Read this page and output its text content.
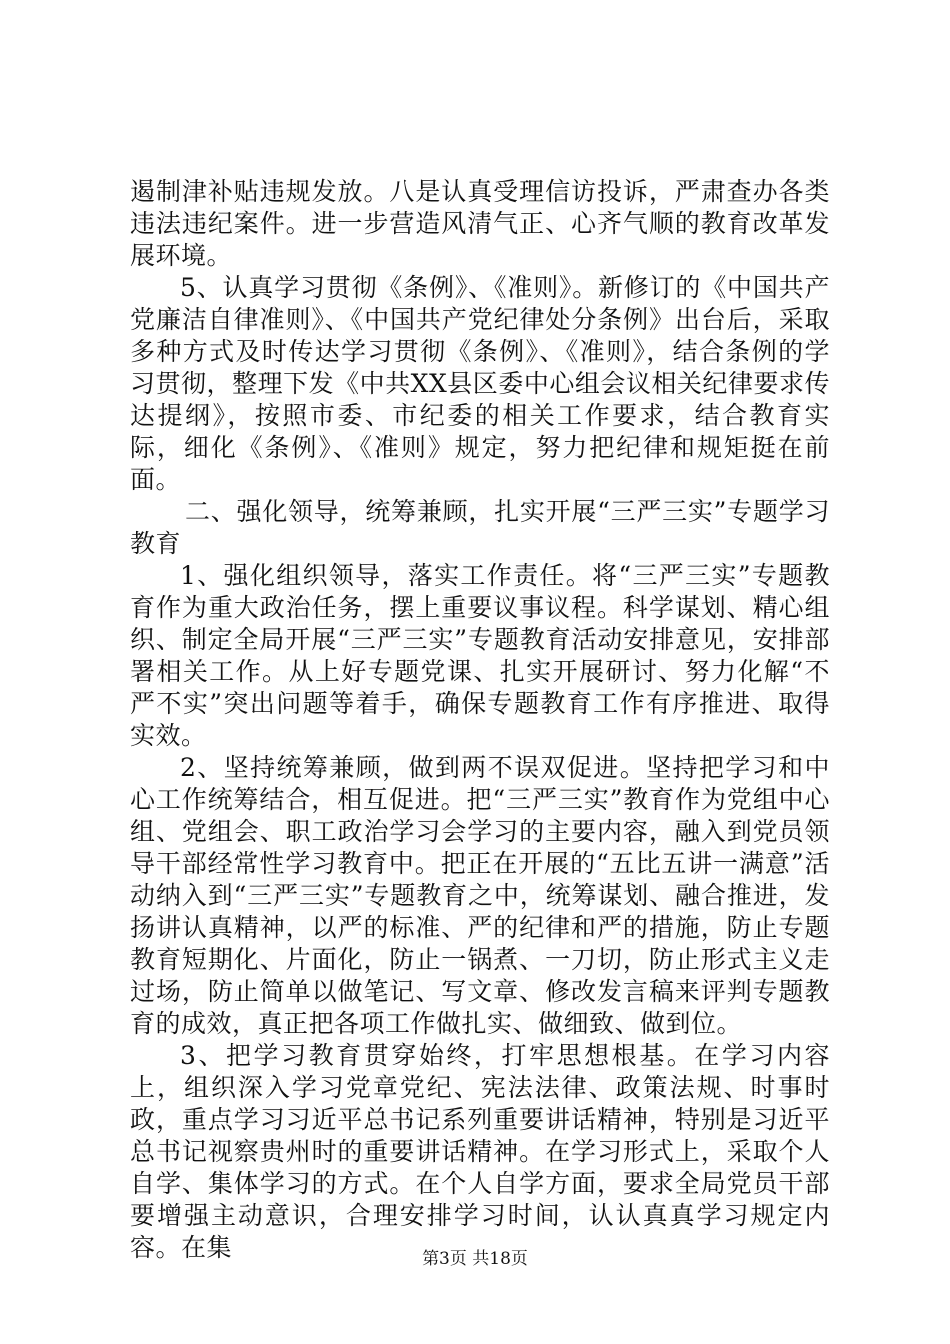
遏制津补贴违规发放。八是认真受理信访投诉，严肃查办各类违法违纪案件。进一步营造风清气正、心齐气顺的教育改革发展环境。

5、认真学习贯彻《条例》、《准则》。新修订的《中国共产党廉洁自律准则》、《中国共产党纪律处分条例》出台后，采取多种方式及时传达学习贯彻《条例》、《准则》，结合条例的学习贯彻，整理下发《中共XX县区委中心组会议相关纪律要求传达提纲》，按照市委、市纪委的相关工作要求，结合教育实际，细化《条例》、《准则》规定，努力把纪律和规矩挺在前面。

二、强化领导，统筹兼顾，扎实开展“三严三实”专题学习教育

1、强化组织领导，落实工作责任。将“三严三实”专题教育作为重大政治任务，摆上重要议事议程。科学谋划、精心组织、制定全局开展“三严三实”专题教育活动安排意见，安排部署相关工作。从上好专题党课、扎实开展研讨、努力化解“不严不实”突出问题等着手，确保专题教育工作有序推进、取得实效。

2、坚持统筹兼顾，做到两不误双促进。坚持把学习和中心工作统筹结合，相互促进。把“三严三实”教育作为党组中心组、党组会、职工政治学习会学习的主要内容，融入到党员领导干部经常性学习教育中。把正在开展的“五比五讲一满意”活动纳入到“三严三实”专题教育之中，统筹谋划、融合推进，发扬讲认真精神，以严的标准、严的纪律和严的措施，防止专题教育短期化、片面化，防止一锅煮、一刀切，防止形式主义走过场，防止简单以做笔记、写文章、修改发言稿来评判专题教育的成效，真正把各项工作做扎实、做细致、做到位。

3、把学习教育贯穿始终，打牢思想根基。在学习内容上，组织深入学习党章党纪、宪法法律、政策法规、时事时政，重点学习习近平总书记系列重要讲话精神，特别是习近平总书记视察贵州时的重要讲话精神。在学习形式上，采取个人自学、集体学习的方式。在个人自学方面，要求全局党员干部要增强主动意识，合理安排学习时间，认认真真学习规定内容。在集	第3页 共18页
